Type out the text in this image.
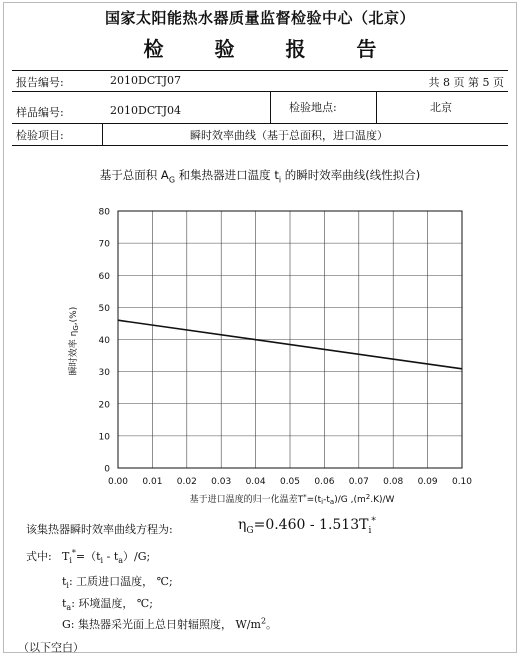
国家太阳能热水器质量监督检验中心（北京）
检 验 报 告
报告编号:	2010DCTJ07	共 8 页 第 5 页
样品编号:	2010DCTJ04	检验地点:	北京
检验项目:	瞬时效率曲线（基于总面积，进口温度）
基于总面积 $A_G$ 和集热器进口温度 $t_i$ 的瞬时效率曲线(线性拟合)
瞬时效率 $\eta_G,(\%)$
基于进口温度的归一化温差$T^*=(t_i-t_a)/G$ $,(m^2.K)/W$
0
10
20
30
40
50
60
70
80
0.00 0.01 0.02 0.03 0.04 0.05 0.06 0.07 0.08 0.09 0.10
该集热器瞬时效率曲线方程为:	$\eta_G=0.460 - 1.513T_i^*$
式中: $T_i^*=(t_i - t_a)/G$;
$t_i$: 工质进口温度， ℃;
$t_a$: 环境温度， ℃;
G: 集热器采光面上总日射辐照度， $W/m^2$。
（以下空白）
